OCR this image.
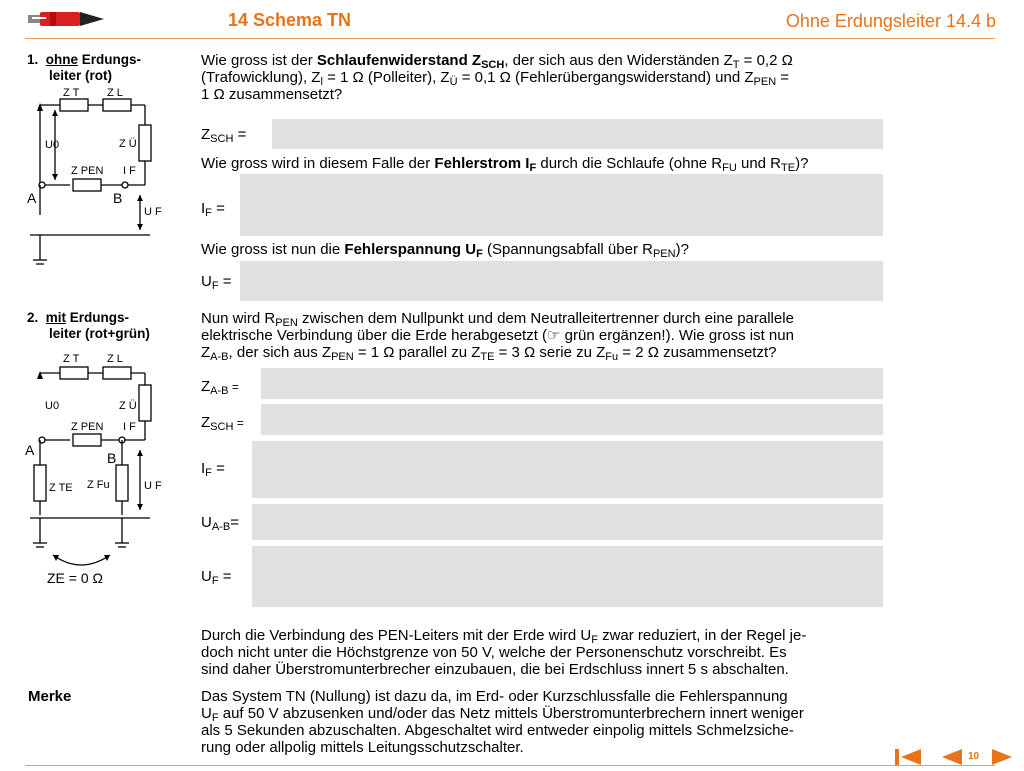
14 Schema TN	Ohne Erdungsleiter 14.4 b
1. ohne Erdungs-
leiter (rot)
Z T	Z L
Z Ü
U0
Z PEN I F
A	B
U F
2. mit Erdungs-
leiter (rot+grün)
Z T	Z L
Z Ü
U0
Z PEN I F
A	B
U F
Z TE Z Fu
ZE = 0 Ω
Wie gross ist der Schlaufenwiderstand $Z_{SCH}$, der sich aus den Widerständen $Z_T = 0,2$ Ω
(Trafowicklung), $Z_l = 1$ Ω (Polleiter), $Z_Ü = 0,1$ Ω (Fehlerübergangswiderstand) und $Z_{PEN}$ =
1 Ω zusammensetzt?
$Z_{SCH}$ =
Wie gross wird in diesem Falle der Fehlerstrom $I_F$ durch die Schlaufe (ohne $R_{FU}$ und $R_{TE}$)?
$I_F$ =
Wie gross ist nun die Fehlerspannung $U_F$ (Spannungsabfall über $R_{PEN}$)?
$U_F$ =
Nun wird $R_{PEN}$ zwischen dem Nullpunkt und dem Neutralleitertrenner durch eine parallele
elektrische Verbindung über die Erde herabgesetzt (☞ grün ergänzen!). Wie gross ist nun
$Z_{A-B}$, der sich aus $Z_{PEN} = 1$ Ω parallel zu $Z_{TE} = 3$ Ω serie zu $Z_{Fu} = 2$ Ω zusammensetzt?
$Z_{A-B}$ =
$Z_{SCH}$ =
$I_F$ =
$U_{A-B}=$
$U_F$ =
Durch die Verbindung des PEN-Leiters mit der Erde wird $U_F$ zwar reduziert, in der Regel je-
doch nicht unter die Höchstgrenze von 50 V, welche der Personenschutz vorschreibt. Es
sind daher Überstromunterbrecher einzubauen, die bei Erdschluss innert 5 s abschalten.
Merke	Das System TN (Nullung) ist dazu da, im Erd- oder Kurzschlussfalle die Fehlerspannung
$U_F$ auf 50 V abzusenken und/oder das Netz mittels Überstromunterbrechern innert weniger
als 5 Sekunden abzuschalten. Abgeschaltet wird entweder einpolig mittels Schmelzsiche-
rung oder allpolig mittels Leitungsschutzschalter.
10
